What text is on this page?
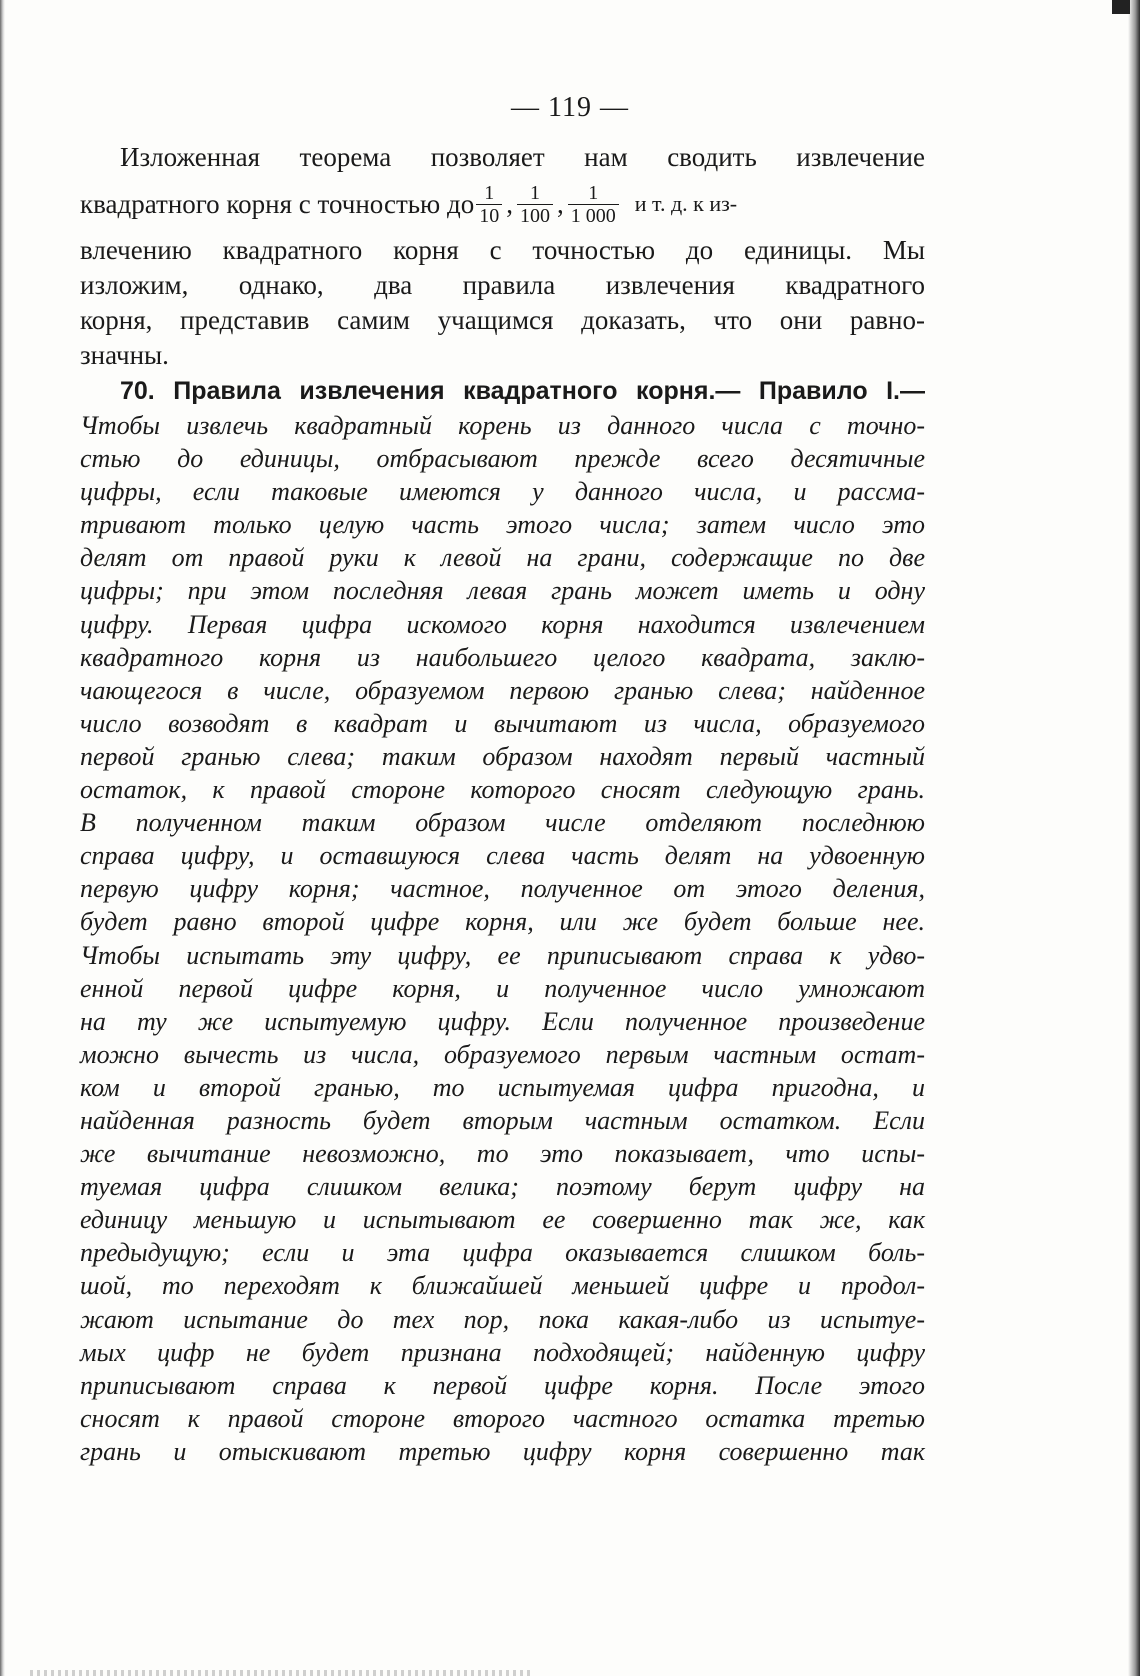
— 119 —
Изложенная теорема позволяет нам сводить извлечение
квадратного корня с точностью до $\frac{1}{10}$ , $\frac{1}{100}$ , $\frac{1}{1 000}$ и т. д. к из-
влечению квадратного корня с точностью до единицы. Мы
изложим, однако, два правила извлечения квадратного
корня, представив самим учащимся доказать, что они равно-
значны.
70. Правила извлечения квадратного корня.— Правило I.—
Чтобы извлечь квадратный корень из данного числа с точно-
стью до единицы, отбрасывают прежде всего десятичные
цифры, если таковые имеются у данного числа, и рассма-
тривают только целую часть этого числа; затем число это
делят от правой руки к левой на грани, содержащие по две
цифры; при этом последняя левая грань может иметь и одну
цифру. Первая цифра искомого корня находится извлечением
квадратного корня из наибольшего целого квадрата, заклю-
чающегося в числе, образуемом первою гранью слева; найденное
число возводят в квадрат и вычитают из числа, образуемого
первой гранью слева; таким образом находят первый частный
остаток, к правой стороне которого сносят следующую грань.
В полученном таким образом числе отделяют последнюю
справа цифру, и оставшуюся слева часть делят на удвоенную
первую цифру корня; частное, полученное от этого деления,
будет равно второй цифре корня, или же будет больше нее.
Чтобы испытать эту цифру, ее приписывают справа к удво-
енной первой цифре корня, и полученное число умножают
на ту же испытуемую цифру. Если полученное произведение
можно вычесть из числа, образуемого первым частным остат-
ком и второй гранью, то испытуемая цифра пригодна, и
найденная разность будет вторым частным остатком. Если
же вычитание невозможно, то это показывает, что испы-
туемая цифра слишком велика; поэтому берут цифру на
единицу меньшую и испытывают ее совершенно так же, как
предыдущую; если и эта цифра оказывается слишком боль-
шой, то переходят к ближайшей меньшей цифре и продол-
жают испытание до тех пор, пока какая-либо из испытуе-
мых цифр не будет признана подходящей; найденную цифру
приписывают справа к первой цифре корня. После этого
сносят к правой стороне второго частного остатка третью
грань и отыскивают третью цифру корня совершенно так
